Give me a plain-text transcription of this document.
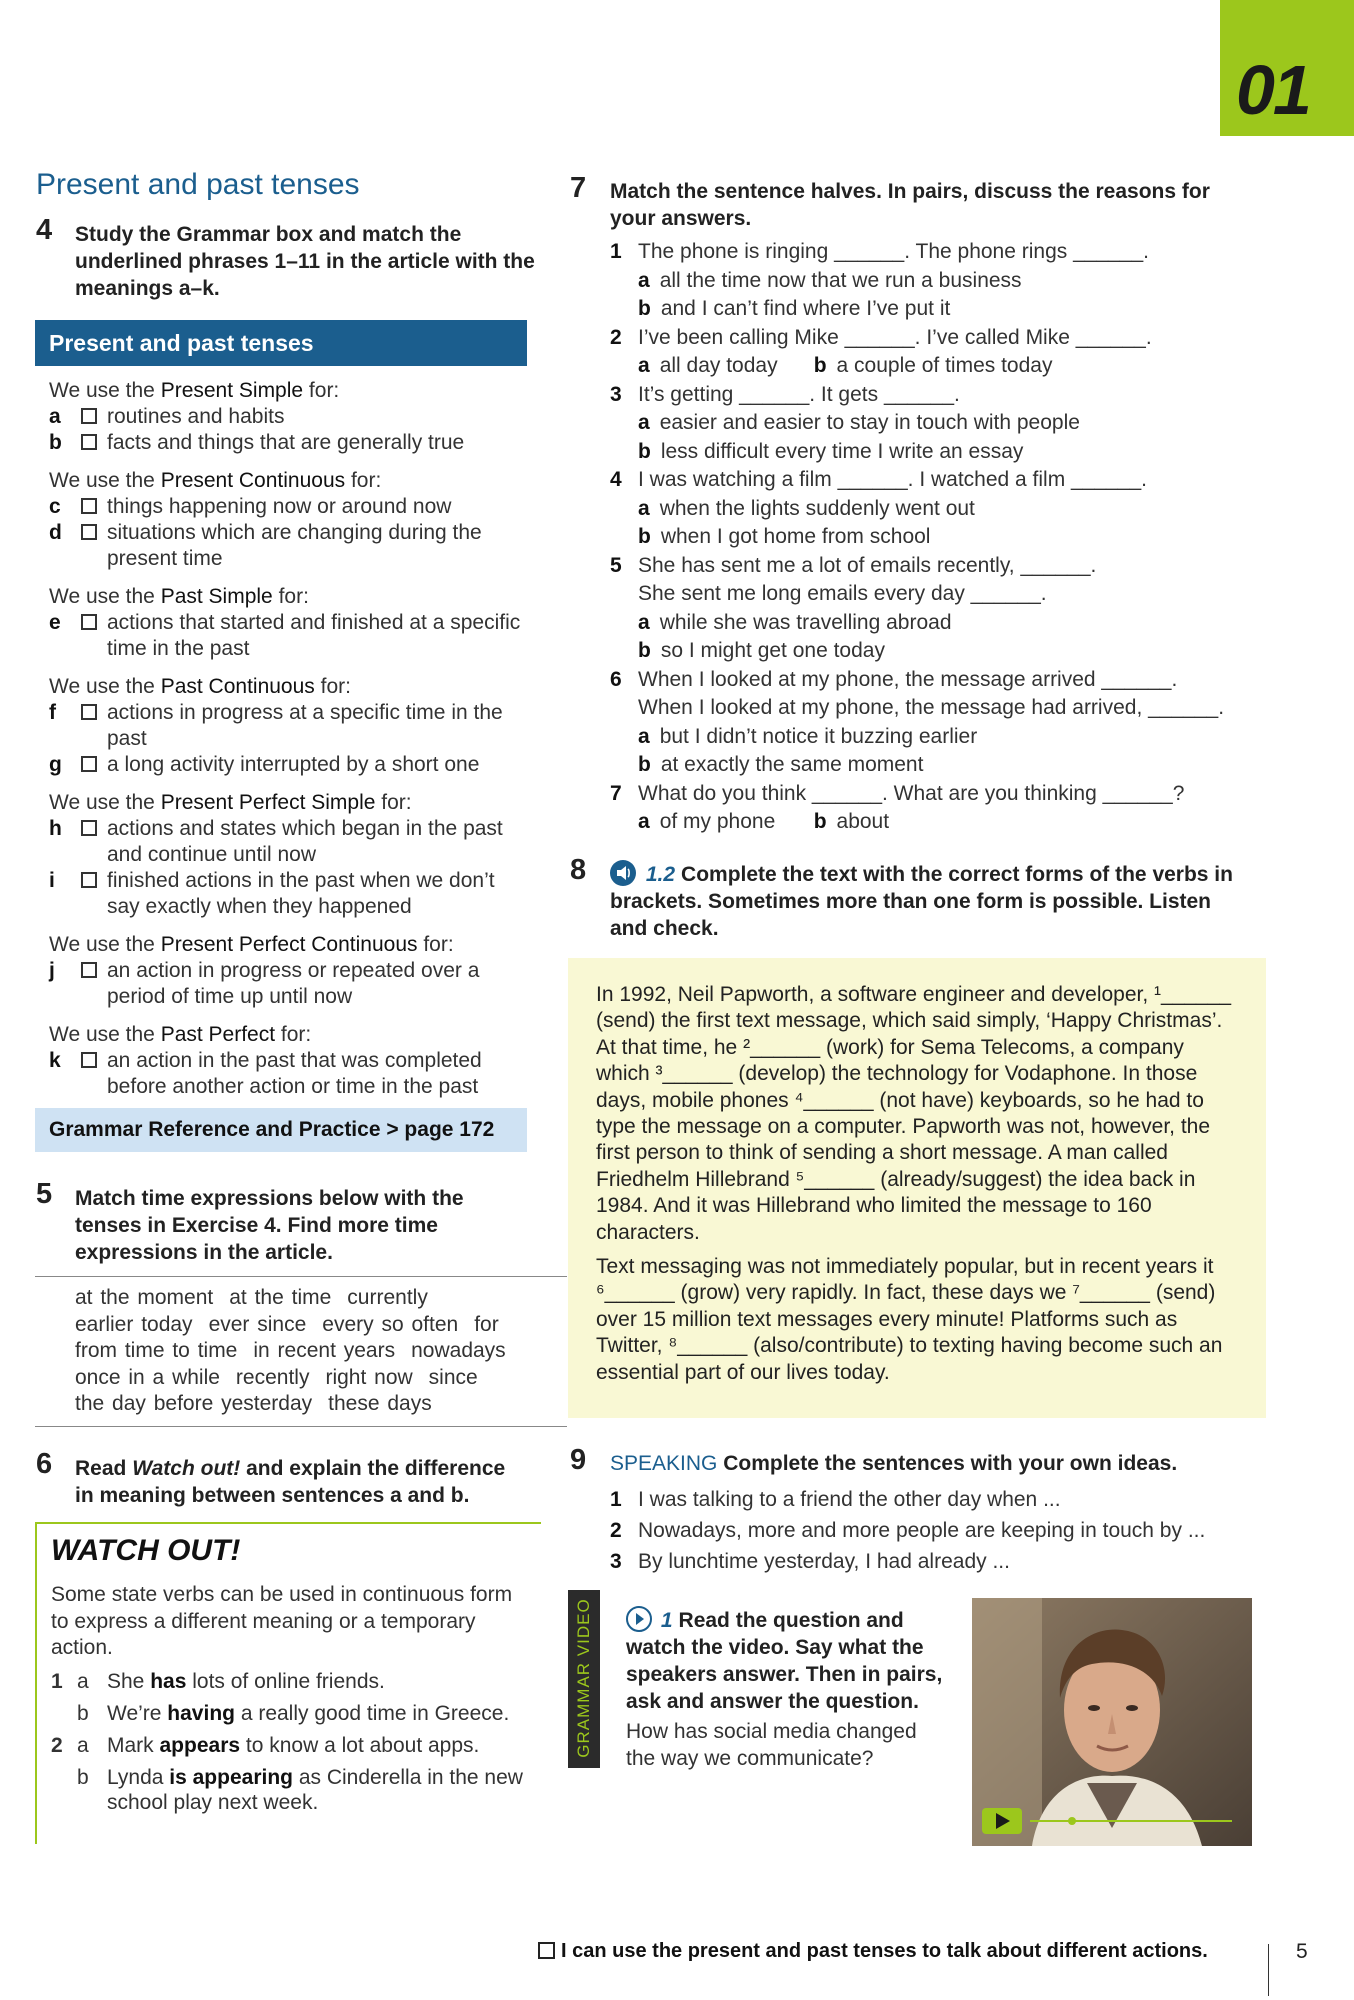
01
Present and past tenses
4 Study the Grammar box and match the underlined phrases 1–11 in the article with the meanings a–k.
Present and past tenses
We use the Present Simple for:
a routines and habits
b facts and things that are generally true
We use the Present Continuous for:
c things happening now or around now
d situations which are changing during the present time
We use the Past Simple for:
e actions that started and finished at a specific time in the past
We use the Past Continuous for:
f actions in progress at a specific time in the past
g a long activity interrupted by a short one
We use the Present Perfect Simple for:
h actions and states which began in the past and continue until now
i finished actions in the past when we don’t say exactly when they happened
We use the Present Perfect Continuous for:
j an action in progress or repeated over a period of time up until now
We use the Past Perfect for:
k an action in the past that was completed before another action or time in the past
Grammar Reference and Practice > page 172
5 Match time expressions below with the tenses in Exercise 4. Find more time expressions in the article.
at the moment at the time currentlyearlier today ever since every so often forfrom time to time in recent years nowadaysonce in a while recently right now sincethe day before yesterday these days
6 Read Watch out! and explain the difference in meaning between sentences a and b.
WATCH OUT!
Some state verbs can be used in continuous form to express a different meaning or a temporary action.
1 a She has lots of online friends.
b We’re having a really good time in Greece.
2 a Mark appears to know a lot about apps.
b Lynda is appearing as Cinderella in the new school play next week.
7 Match the sentence halves. In pairs, discuss the reasons for your answers.
1 The phone is ringing ______. The phone rings ______.
a all the time now that we run a business
b and I can’t find where I’ve put it
2 I’ve been calling Mike ______. I’ve called Mike ______.
a all day today b a couple of times today
3 It’s getting ______. It gets ______.
a easier and easier to stay in touch with people
b less difficult every time I write an essay
4 I was watching a film ______. I watched a film ______.
a when the lights suddenly went out
b when I got home from school
5 She has sent me a lot of emails recently, ______.
She sent me long emails every day ______.
a while she was travelling abroad
b so I might get one today
6 When I looked at my phone, the message arrived ______.
When I looked at my phone, the message had arrived, ______.
a but I didn’t notice it buzzing earlier
b at exactly the same moment
7 What do you think ______. What are you thinking ______?
a of my phone b about
8	1.2 Complete the text with the correct forms of the verbs in brackets. Sometimes more than one form is possible. Listen and check.
In 1992, Neil Papworth, a software engineer and developer, ¹______ (send) the first text message, which said simply, ‘Happy Christmas’. At that time, he ²______ (work) for Sema Telecoms, a company which ³______ (develop) the technology for Vodaphone. In those days, mobile phones ⁴______ (not have) keyboards, so he had to type the message on a computer. Papworth was not, however, the first person to think of sending a short message. A man called Friedhelm Hillebrand ⁵______ (already/suggest) the idea back in 1984. And it was Hillebrand who limited the message to 160 characters.
Text messaging was not immediately popular, but in recent years it ⁶______ (grow) very rapidly. In fact, these days we ⁷______ (send) over 15 million text messages every minute! Platforms such as Twitter, ⁸______ (also/contribute) to texting having become such an essential part of our lives today.
9 SPEAKING Complete the sentences with your own ideas.
1 I was talking to a friend the other day when ...
2 Nowadays, more and more people are keeping in touch by ...
3 By lunchtime yesterday, I had already ...
GRAMMAR VIDEO	1 Read the question and watch the video. Say what the speakers answer. Then in pairs, ask and answer the question.
How has social media changed the way we communicate?
I can use the present and past tenses to talk about different actions.	5
